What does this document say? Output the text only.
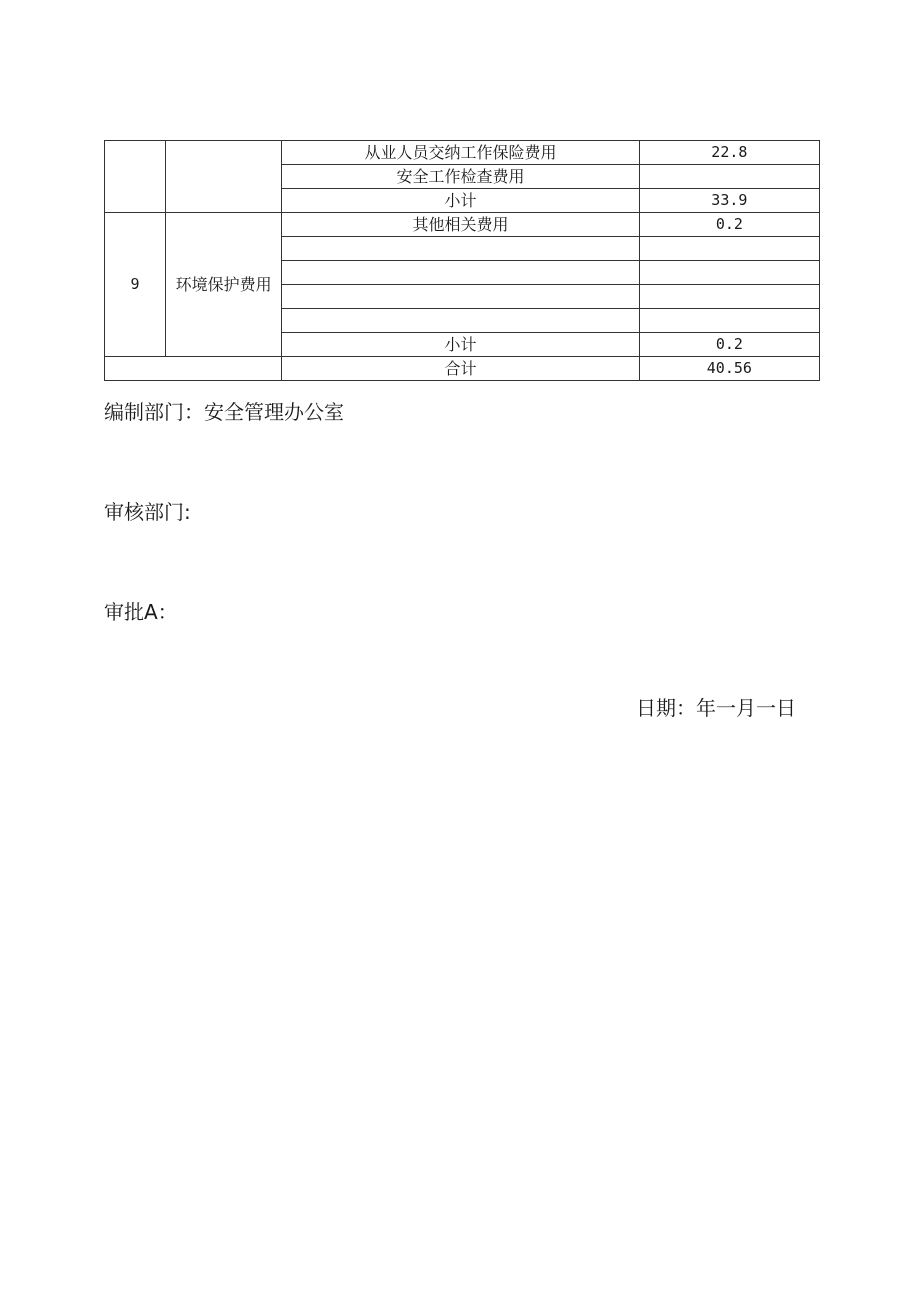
		从业人员交纳工作保险费用	22.8
		安全工作检查费用	
		小计	33.9
9	环境保护费用	其他相关费用	0.2

		小计	0.2
		合计	40.56
编制部门：安全管理办公室
审核部门:
审批A：
日期：年一月一日
